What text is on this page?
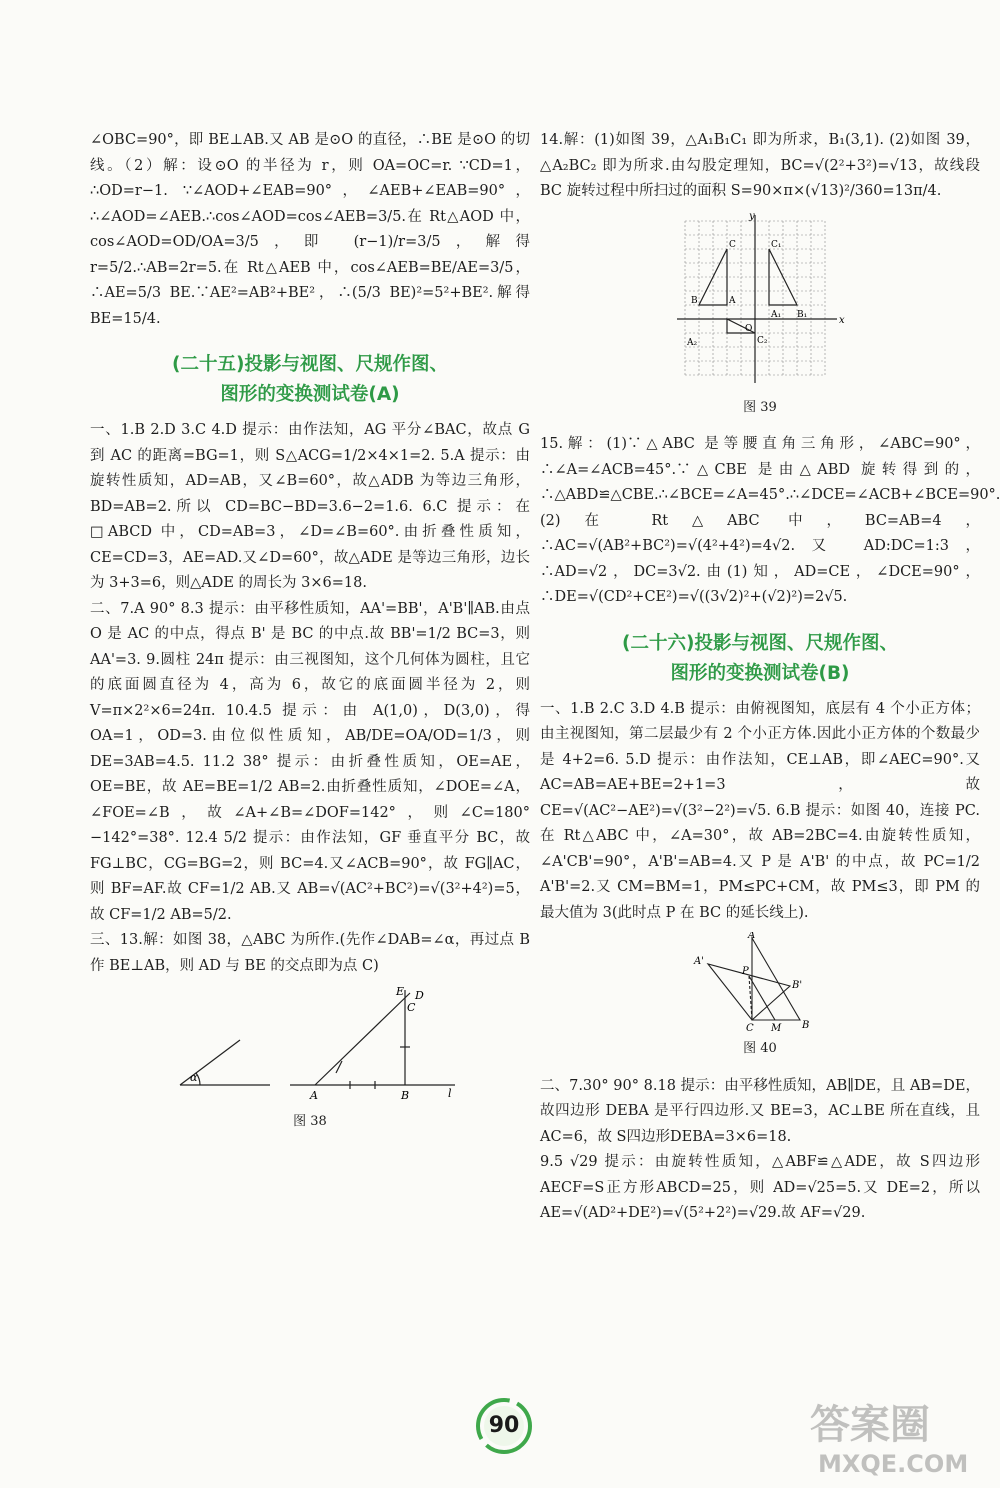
∠OBC=90°，即 BE⊥AB.又 AB 是⊙O 的直径，∴BE 是⊙O 的切线。（2）解：设⊙O 的半径为 r，则 OA=OC=r. ∵CD=1，∴OD=r−1. ∵∠AOD+∠EAB=90°，∠AEB+∠EAB=90°，∴∠AOD=∠AEB.∴cos∠AOD=cos∠AEB=3/5.在 Rt△AOD 中，cos∠AOD=OD/OA=3/5，即 (r−1)/r=3/5，解得 r=5/2.∴AB=2r=5.在 Rt△AEB 中，cos∠AEB=BE/AE=3/5，∴AE=5/3 BE.∵AE²=AB²+BE²，∴(5/3 BE)²=5²+BE².解得 BE=15/4.

(二十五)投影与视图、尺规作图、
图形的变换测试卷(A)

一、1.B 2.D 3.C 4.D 提示：由作法知，AG 平分∠BAC，故点 G 到 AC 的距离=BG=1，则 S△ACG=1/2×4×1=2. 5.A 提示：由旋转性质知，AD=AB，又∠B=60°，故△ADB 为等边三角形，BD=AB=2.所以 CD=BC−BD=3.6−2=1.6. 6.C 提示：在□ABCD 中，CD=AB=3，∠D=∠B=60°.由折叠性质知，CE=CD=3，AE=AD.又∠D=60°，故△ADE 是等边三角形，边长为 3+3=6，则△ADE 的周长为 3×6=18.

二、7.A 90° 8.3 提示：由平移性质知，AA'=BB'，A'B'∥AB.由点 O 是 AC 的中点，得点 B' 是 BC 的中点.故 BB'=1/2 BC=3，则 AA'=3. 9.圆柱 24π 提示：由三视图知，这个几何体为圆柱，且它的底面圆直径为 4，高为 6，故它的底面圆半径为 2，则 V=π×2²×6=24π. 10.4.5 提示：由 A(1,0)，D(3,0)，得 OA=1，OD=3.由位似性质知，AB/DE=OA/OD=1/3，则 DE=3AB=4.5. 11.2 38° 提示：由折叠性质知，OE=AE，OE=BE，故 AE=BE=1/2 AB=2.由折叠性质知，∠DOE=∠A，∠FOE=∠B，故∠A+∠B=∠DOF=142°，则∠C=180°−142°=38°. 12.4 5/2 提示：由作法知，GF 垂直平分 BC，故 FG⊥BC，CG=BG=2，则 BC=4.又∠ACB=90°，故 FG∥AC，则 BF=AF.故 CF=1/2 AB.又 AB=√(AC²+BC²)=√(3²+4²)=5，故 CF=1/2 AB=5/2.

三、13.解：如图 38，△ABC 为所作.(先作∠DAB=∠α，再过点 B 作 BE⊥AB，则 AD 与 BE 的交点即为点 C)

α
A	B
C
D
E
l
图 38

14.解：(1)如图 39，△A₁B₁C₁ 即为所求，B₁(3,1). (2)如图 39，△A₂BC₂ 即为所求.由勾股定理知，BC=√(2²+3²)=√13，故线段 BC 旋转过程中所扫过的面积 S=90×π×(√13)²/360=13π/4.

x
y
A₁ B₁
C₁
A₂	C₂
B	A
C
O
图 39

15.解：(1)∵△ABC 是等腰直角三角形，∠ABC=90°，∴∠A=∠ACB=45°.∵△CBE 是由△ABD 旋转得到的，∴△ABD≌△CBE.∴∠BCE=∠A=45°.∴∠DCE=∠ACB+∠BCE=90°. (2)在 Rt△ABC 中，BC=AB=4，∴AC=√(AB²+BC²)=√(4²+4²)=4√2.又 AD:DC=1:3，∴AD=√2，DC=3√2.由(1)知，AD=CE，∠DCE=90°，∴DE=√(CD²+CE²)=√((3√2)²+(√2)²)=2√5.

(二十六)投影与视图、尺规作图、
图形的变换测试卷(B)

一、1.B 2.C 3.D 4.B 提示：由俯视图知，底层有 4 个小正方体；由主视图知，第二层最少有 2 个小正方体.因此小正方体的个数最少是 4+2=6. 5.D 提示：由作法知，CE⊥AB，即∠AEC=90°.又 AC=AB=AE+BE=2+1=3，故 CE=√(AC²−AE²)=√(3²−2²)=√5. 6.B 提示：如图 40，连接 PC.在 Rt△ABC 中，∠A=30°，故 AB=2BC=4.由旋转性质知，∠A'CB'=90°，A'B'=AB=4.又 P 是 A'B' 的中点，故 PC=1/2 A'B'=2.又 CM=BM=1，PM≤PC+CM，故 PM≤3，即 PM 的最大值为 3(此时点 P 在 BC 的延长线上).

A
A'
B'
P
C M B
图 40

二、7.30° 90° 8.18 提示：由平移性质知，AB∥DE，且 AB=DE，故四边形 DEBA 是平行四边形.又 BE=3，AC⊥BE 所在直线，且 AC=6，故 S四边形DEBA=3×6=18.

9.5 √29 提示：由旋转性质知，△ABF≌△ADE，故 S四边形AECF=S正方形ABCD=25，则 AD=√25=5.又 DE=2，所以 AE=√(AD²+DE²)=√(5²+2²)=√29.故 AF=√29.

90	答案圈
MXQE.COM
